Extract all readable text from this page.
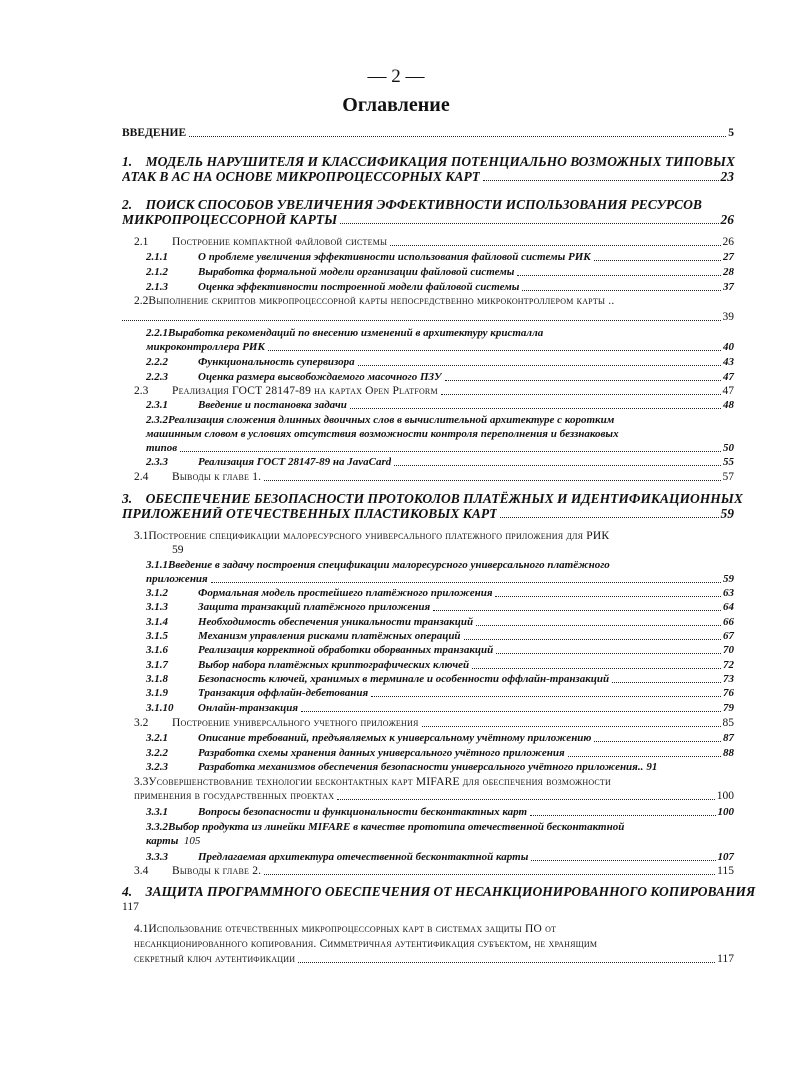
— 2 —
Оглавление
ВВЕДЕНИЕ	5
1. МОДЕЛЬ НАРУШИТЕЛЯ И КЛАССИФИКАЦИЯ ПОТЕНЦИАЛЬНО ВОЗМОЖНЫХ ТИПОВЫХ
АТАК В АС НА ОСНОВЕ МИКРОПРОЦЕССОРНЫХ КАРТ	23
2. ПОИСК СПОСОБОВ УВЕЛИЧЕНИЯ ЭФФЕКТИВНОСТИ ИСПОЛЬЗОВАНИЯ РЕСУРСОВ
МИКРОПРОЦЕССОРНОЙ КАРТЫ	26
2.1	Построение компактной файловой системы	26
2.1.1	О проблеме увеличения эффективности использования файловой системы РИК	27
2.1.2	Выработка формальной модели организации файловой системы	28
2.1.3	Оценка эффективности построенной модели файловой системы	37
2.2Выполнение скриптов микропроцессорной карты непосредственно микроконтроллером карты ..
39
2.2.1Выработка рекомендаций по внесению изменений в архитектуру кристалла
микроконтроллера РИК	40
2.2.2	Функциональность супервизора	43
2.2.3	Оценка размера высвобождаемого масочного ПЗУ	47
2.3	Реализация ГОСТ 28147-89 на картах Open Platform	47
2.3.1	Введение и постановка задачи	48
2.3.2Реализация сложения длинных двоичных слов в вычислительной архитектуре с коротким
машинным словом в условиях отсутствия возможности контроля переполнения и беззнаковых
типов	50
2.3.3	Реализация ГОСТ 28147-89 на JavaCard	55
2.4	Выводы к главе 1.	57
3. ОБЕСПЕЧЕНИЕ БЕЗОПАСНОСТИ ПРОТОКОЛОВ ПЛАТЁЖНЫХ И ИДЕНТИФИКАЦИОННЫХ
ПРИЛОЖЕНИЙ ОТЕЧЕСТВЕННЫХ ПЛАСТИКОВЫХ КАРТ	59
3.1Построение спецификации малоресурсного универсального платежного приложения для РИК
59
3.1.1Введение в задачу построения спецификации малоресурсного универсального платёжного
приложения	59
3.1.2	Формальная модель простейшего платёжного приложения	63
3.1.3	Защита транзакций платёжного приложения	64
3.1.4	Необходимость обеспечения уникальности транзакций	66
3.1.5	Механизм управления рисками платёжных операций	67
3.1.6	Реализация корректной обработки оборванных транзакций	70
3.1.7	Выбор набора платёжных криптографических ключей	72
3.1.8	Безопасность ключей, хранимых в терминале и особенности оффлайн-транзакций	73
3.1.9	Транзакция оффлайн-дебетования	76
3.1.10	Онлайн-транзакция	79
3.2	Построение универсального учетного приложения	85
3.2.1	Описание требований, предъявляемых к универсальному учётному приложению	87
3.2.2	Разработка схемы хранения данных универсального учётного приложения	88
3.2.3	Разработка механизмов обеспечения безопасности универсального учётного приложения.. 91
3.3Усовершенствование технологии бесконтактных карт MIFARE для обеспечения возможности
применения в государственных проектах	100
3.3.1	Вопросы безопасности и функциональности бесконтактных карт	100
3.3.2Выбор продукта из линейки MIFARE в качестве прототипа отечественной бесконтактной
карты 105
3.3.3	Предлагаемая архитектура отечественной бесконтактной карты	107
3.4	Выводы к главе 2.	115
4. ЗАЩИТА ПРОГРАММНОГО ОБЕСПЕЧЕНИЯ ОТ НЕСАНКЦИОНИРОВАННОГО КОПИРОВАНИЯ
117
4.1Использование отечественных микропроцессорных карт в системах защиты ПО от
несанкционированного копирования. Симметричная аутентификация субъектом, не хранящим
секретный ключ аутентификации	117
